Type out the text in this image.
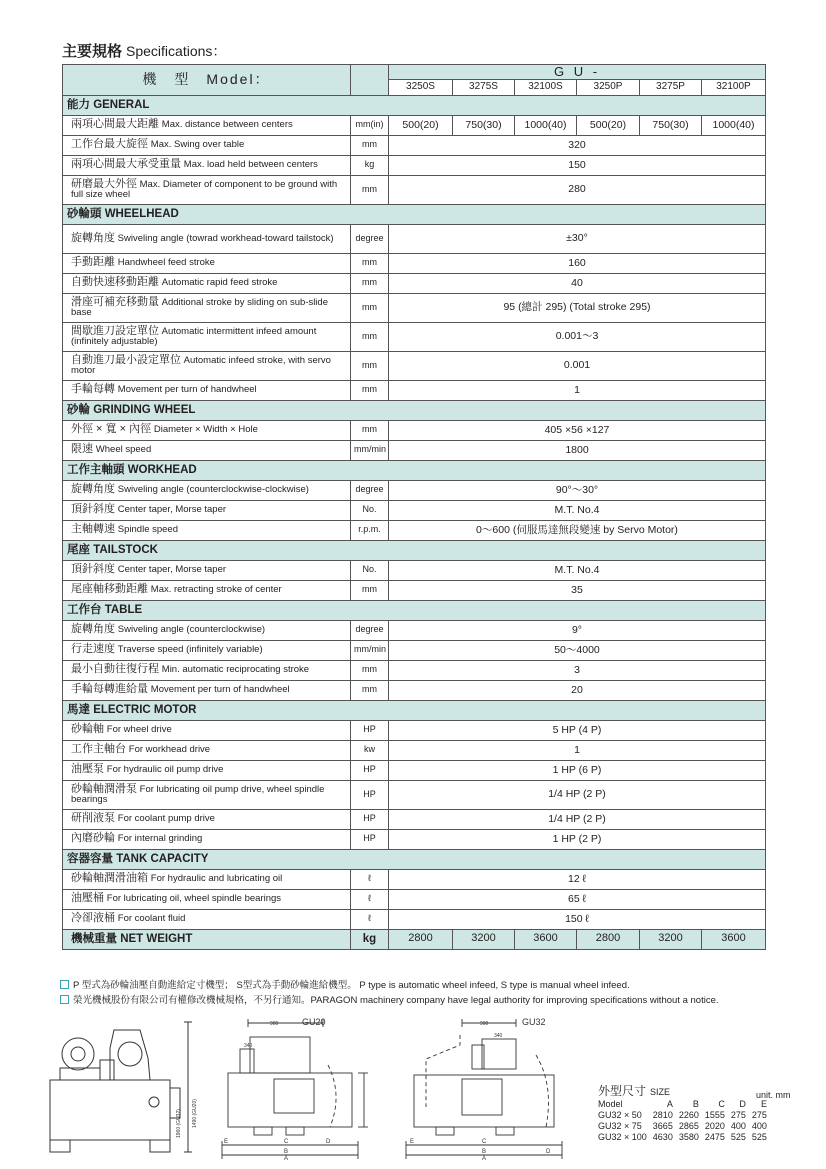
主要規格 Specifications：
機　型　Model：		G U -					
		3250S	3275S	32100S	3250P	3275P	32100P
能力 GENERAL							
兩項心間最大距離 Max. distance between centers	mm(in)	500(20)	750(30)	1000(40)	500(20)	750(30)	1000(40)
工作台最大旋徑 Max. Swing over table	mm	320					
兩項心間最大承受重量 Max. load held between centers	kg	150					
研磨最大外徑 Max. Diameter of component to be ground with full size wheel	mm	280					
砂輪頭 WHEELHEAD							
旋轉角度 Swiveling angle (towrad workhead-toward tailstock)	degree	±30°					
手動距離 Handwheel feed stroke	mm	160					
自動快速移動距離 Automatic rapid feed stroke	mm	40					
滑座可補充移動量 Additional stroke by sliding on sub-slide base	mm	95 (總計 295) (Total stroke 295)					
間歇進刀設定單位 Automatic intermittent infeed amount (infinitely adjustable)	mm	0.001～3					
自動進刀最小設定單位 Automatic infeed stroke, with servo motor	mm	0.001					
手輪每轉 Movement per turn of handwheel	mm	1					
砂輪 GRINDING WHEEL							
外徑 × 寬 × 內徑 Diameter × Width × Hole	mm	405 ×56 ×127					
限速 Wheel speed	mm/min	1800					
工作主軸頭 WORKHEAD							
旋轉角度 Swiveling angle (counterclockwise-clockwise)	degree	90°～30°					
頂針斜度 Center taper, Morse taper	No.	M.T. No.4					
主軸轉速 Spindle speed	r.p.m.	0～600 (伺服馬達無段變速 by Servo Motor)					
尾座 TAILSTOCK							
頂針斜度 Center taper, Morse taper	No.	M.T. No.4					
尾座軸移動距離 Max. retracting stroke of center	mm	35					
工作台 TABLE							
旋轉角度 Swiveling angle (counterclockwise)	degree	9°					
行走速度 Traverse speed (infinitely variable)	mm/min	50～4000					
最小自動往復行程 Min. automatic reciprocating stroke	mm	3					
手輪每轉進給量 Movement per turn of handwheel	mm	20					
馬達 ELECTRIC MOTOR							
砂輪軸 For wheel drive	HP	5 HP (4 P)					
工作主軸台 For workhead drive	kw	1					
油壓泵 For hydraulic oil pump drive	HP	1 HP (6 P)					
砂輪軸潤滑泵 For lubricating oil pump drive, wheel spindle bearings	HP	1/4 HP (2 P)					
研削液泵 For coolant pump drive	HP	1/4 HP (2 P)					
內磨砂輪 For internal grinding	HP	1 HP (2 P)					
容器容量 TANK CAPACITY							
砂輪軸潤滑油箱 For hydraulic and lubricating oil	ℓ	12 ℓ					
油壓桶 For lubricating oil, wheel spindle bearings	ℓ	65 ℓ					
冷卻液桶 For coolant fluid	ℓ	150 ℓ					
機械重量 NET WEIGHT	kg	2800	3200	3600	2800	3200	3600
P 型式為砂輪油壓自動進給定寸機型； S型式為手動砂輪進給機型。 P type is automatic wheel infeed, S type is manual wheel infeed.
榮光機械股份有限公司有權修改機械規格，不另行通知。PARAGON machinery company have legal authority for improving specifications without a notice.
1960 (GU32) 1490 (GU20)
GU20
900
340
C
B
A
D
E
GU32
900
340
C
B
A
D
E
unit. mm
外型尺寸 SIZE
Model	A	B	C	D	E
GU32 × 50	2810	2260	1555	275	275
GU32 × 75	3665	2865	2020	400	400
GU32 × 100	4630	3580	2475	525	525
